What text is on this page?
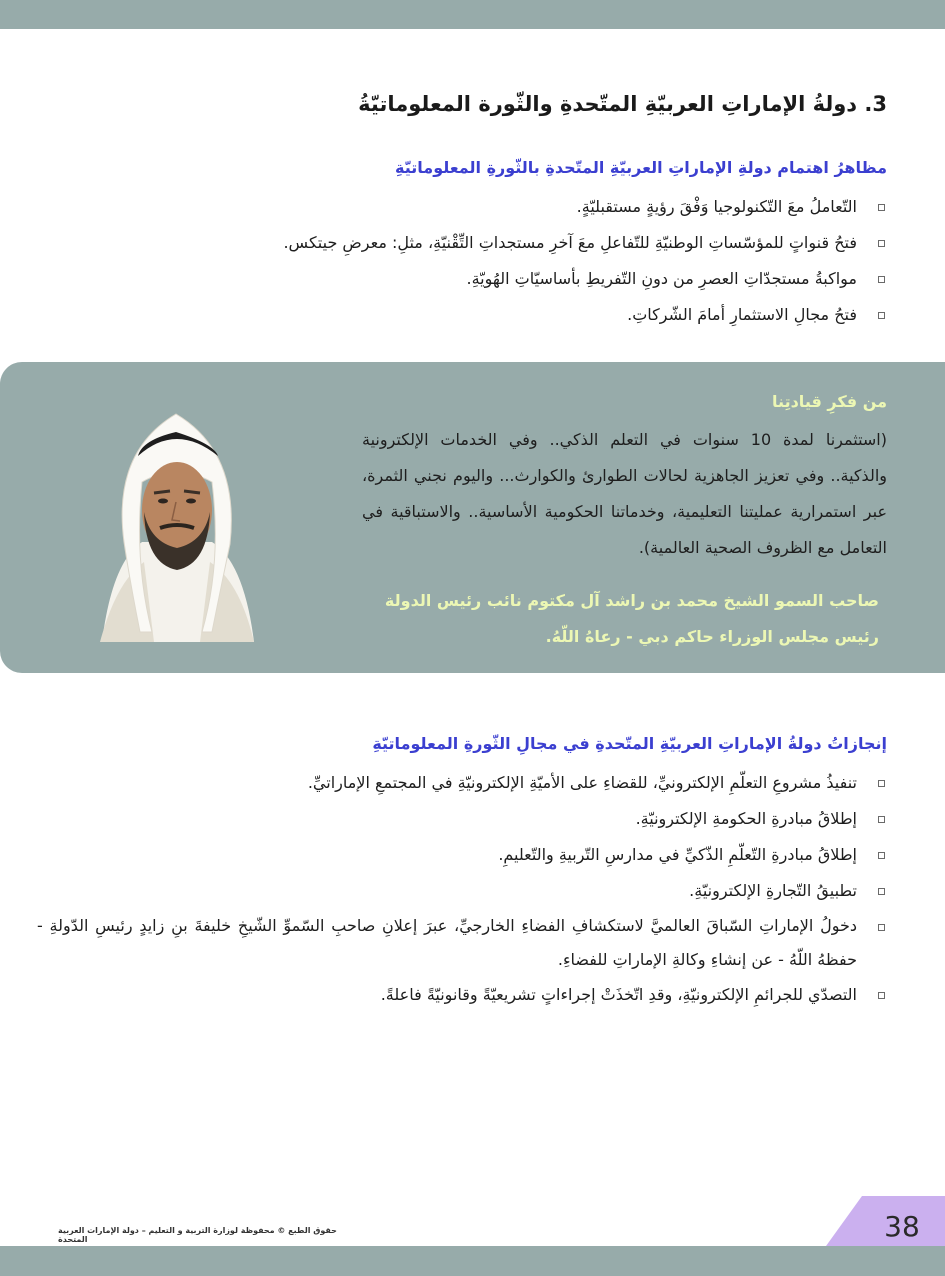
3. دولةُ الإماراتِ العربيّةِ المتّحدةِ والثّورة المعلوماتيّةُ
مظاهرُ اهتمام دولةِ الإماراتِ العربيّةِ المتّحدةِ بالثّورةِ المعلوماتيّةِ
التّعاملُ معَ التّكنولوجيا وَفْقَ رؤيةٍ مستقبليّةٍ.
فتحُ قنواتٍ للمؤسّساتِ الوطنيّةِ للتّفاعلِ معَ آخرِ مستجداتِ التِّقْنيّةِ، مثلِ: معرضِ جيتكس.
مواكبةُ مستجدّاتِ العصرِ من دونِ التّفريطِ بأساسيّاتِ الهُويّةِ.
فتحُ مجالِ الاستثمارِ أمامَ الشّركاتِ.
من فكرِ قيادتِنا

(استثمرنا لمدة 10 سنوات في التعلم الذكي.. وفي الخدمات الإلكترونية والذكية.. وفي تعزيز الجاهزية لحالات الطوارئ والكوارث... واليوم نجني الثمرة، عبر استمرارية عمليتنا التعليمية، وخدماتنا الحكومية الأساسية.. والاستباقية في التعامل مع الظروف الصحية العالمية).

صاحب السمو الشيخ محمد بن راشد آل مكتوم نائب رئيس الدولة
رئيس مجلس الوزراء حاكم دبي - رعاهُ اللّهُ.
إنجازاتُ دولةُ الإماراتِ العربيّةِ المتّحدةِ في مجالِ الثّورةِ المعلوماتيّةِ
تنفيذُ مشروعِ التعلّمِ الإلكترونيِّ، للقضاءِ على الأميّةِ الإلكترونيّةِ في المجتمعِ الإماراتيِّ.
إطلاقُ مبادرةِ الحكومةِ الإلكترونيّةِ.
إطلاقُ مبادرةِ التّعلّمِ الذّكيِّ في مدارسِ التّربيةِ والتّعليمِ.
تطبيقُ التّجارةِ الإلكترونيّةِ.
دخولُ الإماراتِ السّباقَ العالميَّ لاستكشافِ الفضاءِ الخارجيِّ، عبرَ إعلانِ صاحبِ السّموِّ الشّيخِ خليفةَ بنِ زايدٍ رئيسِ الدّولةِ - حفظهُ اللّهُ - عن إنشاءِ وكالةِ الإماراتِ للفضاءِ.
التصدّي للجرائمِ الإلكترونيّةِ، وقدِ اتّخذَتْ إجراءاتٍ تشريعيّةً وقانونيّةً فاعلةً.
حقوق الطبع © محفوظة لوزارة التربية و التعليم – دولة الإمارات العربية المتحدة	38
